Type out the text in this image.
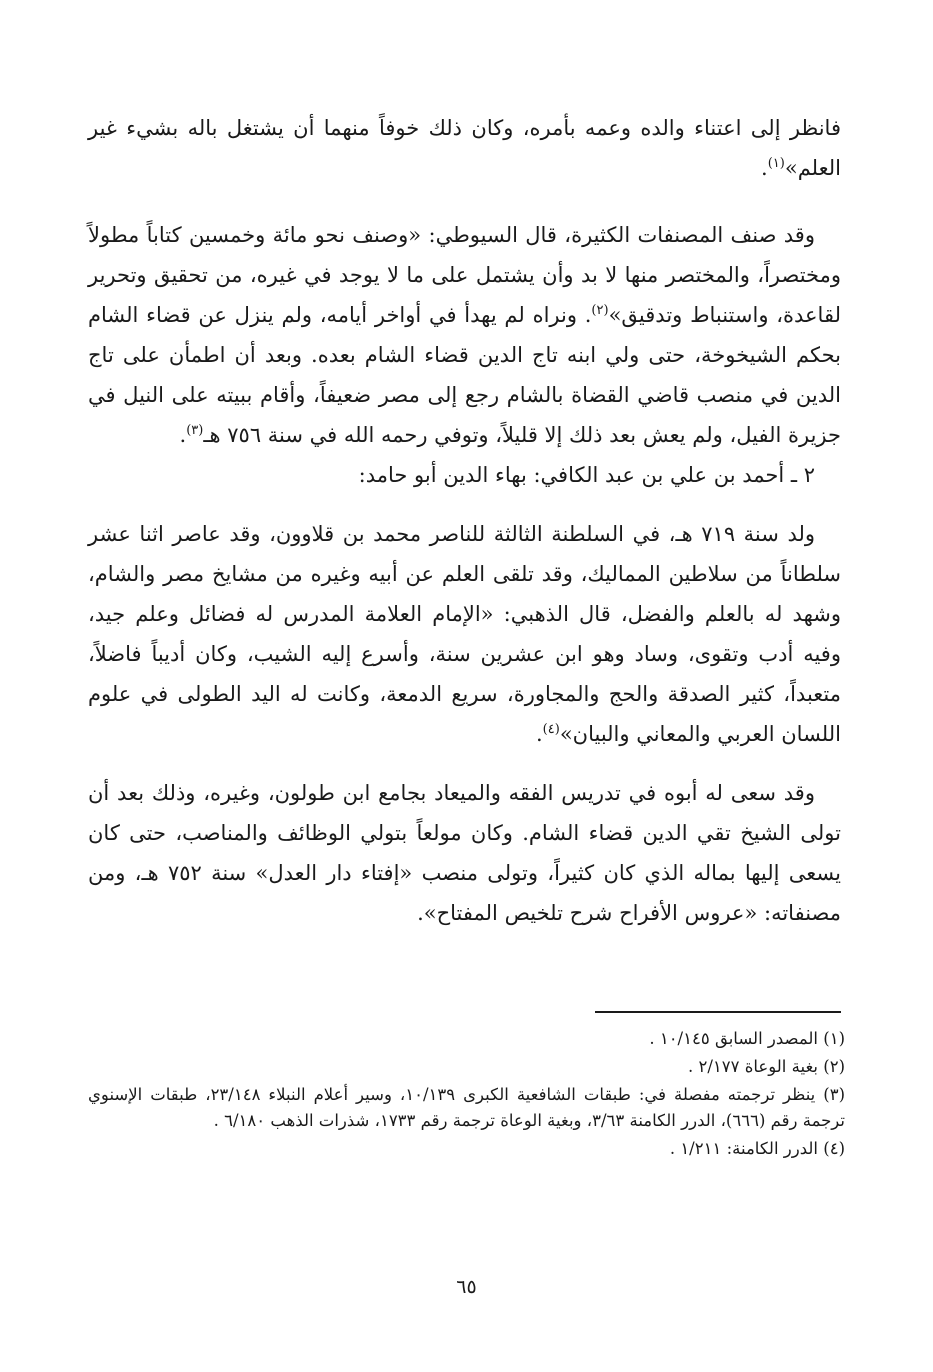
فانظر إلى اعتناء والده وعمه بأمره، وكان ذلك خوفاً منهما أن يشتغل باله بشيء غير العلم»$^{(١)}$.

وقد صنف المصنفات الكثيرة، قال السيوطي: «وصنف نحو مائة وخمسين كتاباً مطولاً ومختصراً، والمختصر منها لا بد وأن يشتمل على ما لا يوجد في غيره، من تحقيق وتحرير لقاعدة، واستنباط وتدقيق»$^{(٢)}$. ونراه لم يهدأ في أواخر أيامه، ولم ينزل عن قضاء الشام بحكم الشيخوخة، حتى ولي ابنه تاج الدين قضاء الشام بعده. وبعد أن اطمأن على تاج الدين في منصب قاضي القضاة بالشام رجع إلى مصر ضعيفاً، وأقام ببيته على النيل في جزيرة الفيل، ولم يعش بعد ذلك إلا قليلاً، وتوفي رحمه الله في سنة ٧٥٦ هـ$^{(٣)}$.

٢ ـ أحمد بن علي بن عبد الكافي: بهاء الدين أبو حامد:

ولد سنة ٧١٩ هـ، في السلطنة الثالثة للناصر محمد بن قلاوون، وقد عاصر اثنا عشر سلطاناً من سلاطين المماليك، وقد تلقى العلم عن أبيه وغيره من مشايخ مصر والشام، وشهد له بالعلم والفضل، قال الذهبي: «الإمام العلامة المدرس له فضائل وعلم جيد، وفيه أدب وتقوى، وساد وهو ابن عشرين سنة، وأسرع إليه الشيب، وكان أديباً فاضلاً، متعبداً، كثير الصدقة والحج والمجاورة، سريع الدمعة، وكانت له اليد الطولى في علوم اللسان العربي والمعاني والبيان»$^{(٤)}$.

وقد سعى له أبوه في تدريس الفقه والميعاد بجامع ابن طولون، وغيره، وذلك بعد أن تولى الشيخ تقي الدين قضاء الشام. وكان مولعاً بتولي الوظائف والمناصب، حتى كان يسعى إليها بماله الذي كان كثيراً، وتولى منصب «إفتاء دار العدل» سنة ٧٥٢ هـ، ومن مصنفاته: «عروس الأفراح شرح تلخيص المفتاح».

(١) المصدر السابق ١٠/١٤٥ .

(٢) بغية الوعاة ٢/١٧٧ .

(٣) ينظر ترجمته مفصلة في: طبقات الشافعية الكبرى ١٠/١٣٩، وسير أعلام النبلاء ٢٣/١٤٨، طبقات الإسنوي ترجمة رقم (٦٦٦)، الدرر الكامنة ٣/٦٣، وبغية الوعاة ترجمة رقم ١٧٣٣، شذرات الذهب ٦/١٨٠ .

(٤) الدرر الكامنة: ١/٢١١ .

٦٥
